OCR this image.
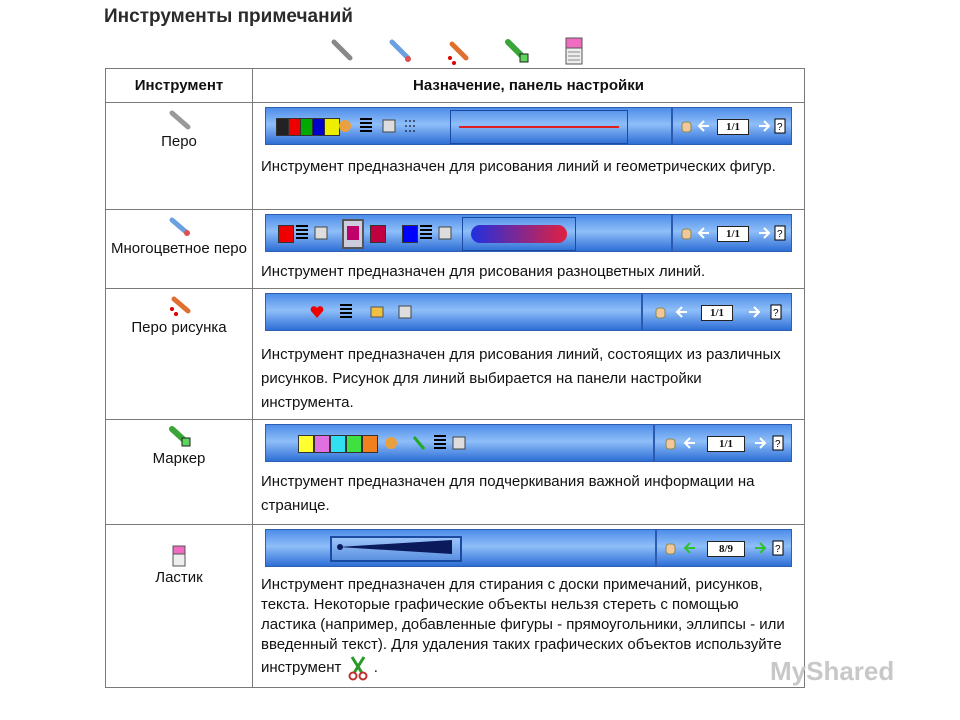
Инструменты примечаний
Инструмент	Назначение, панель настройки

Перо	1/1 ?
Инструмент предназначен для рисования линий и геометрических фигур.

Многоцветное перо	1/1 ?
Инструмент предназначен для рисования разноцветных линий.

Перо рисунка	1/1 ?
Инструмент предназначен для рисования линий, состоящих из различных рисунков. Рисунок для линий выбирается на панели настройки инструмента.

Маркер	1/1 ?
Инструмент предназначен для подчеркивания важной информации на странице.

Ластик	8/9 ?
Инструмент предназначен для стирания с доски примечаний, рисунков, текста. Некоторые графические объекты нельзя стереть с помощью ластика (например, добавленные фигуры - прямоугольники, эллипсы - или введенный текст). Для удаления таких графических объектов используйте инструмент .	MyShared
